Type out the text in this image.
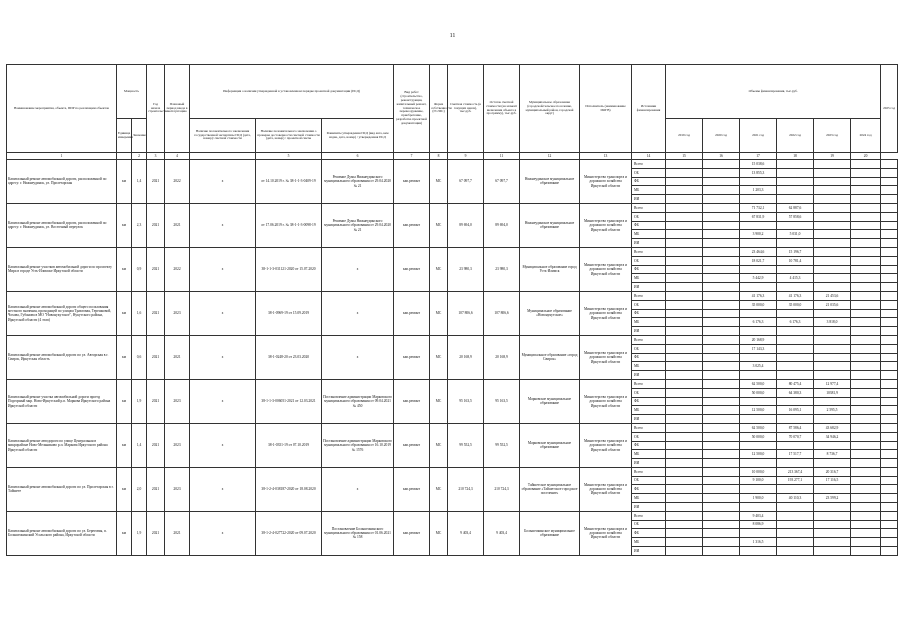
11
Наименование мероприятия, объекта, ПИР по реализации объектов	Мощность		Год начала строительства	Плановый период ввода в эксплуатацию	Информация о наличии утвержденной в установленном порядке проектной документации (ПСД)			Вид работ (строительство, реконструкция, капитальный ремонт, техническое перевооружение, приобретение, разработка проектной документации)	Форма собственности (ГС/МС)	Сметная стоимость (в текущих ценах), тыс.руб.	Остаток сметной стоимости (на момент включения объекта в программу), тыс.руб.	Муниципальное образование (городской/сельское поселение, муниципальный район, городской округ)	Исполнитель (наименование ИОГВ)	Источники финансирования	Объемы финансирования, тыс.руб.						2025 год
	Единица измерения	Значение			Наличие положительного заключения государственной экспертизы ПСД (дата, номер)/ сметной стоимости	Наличие положительного заключения о проверке достоверности сметной стоимости (дата, номер) / проектной сметы	Реквизиты утверждения ПСД (вид акта, кем издан, дата, номер) / утвержденная ПСД								2019 год	2020 год	2021 год	2022 год	2023 год	2024 год	
1		2	3	4		5	6	7	8	9	11	12	13	14	15	16	17	18	19	20	
Капитальный ремонт автомобильной дороги, расположенной по адресу: г. Нижнеудинск, ул. Пролетарская	км	1,4	2021	2022	х	от 14.10.2019 г. № 38-1-1-3-0409-19	Решение Думы Нижнеудинского муниципального образования от 29.04.2020 № 21	кап.ремонт	МС	67 097,7	67 097,7	Нижнеудинское муниципальное образование	Министерство транспорта и дорожного хозяйства Иркутской области	Всего			15 038,6				
														ОБ			13 855,3				
														ФБ							
														МБ			1 203,3				
														ИИ							
Капитальный ремонт автомобильной дороги, расположенной по адресу: г. Нижнеудинск, ул. Восточный переулок	км	2,3	2021	2021	х	от 17.06.2019 г. № 38-1-1-3-0098-19	Решение Думы Нижнеудинского муниципального образования от 29.04.2020 № 21	кап.ремонт	МС	89 694,0	89 694,0	Нижнеудинское муниципальное образование	Министерство транспорта и дорожного хозяйства Иркутской области	Всего			71 732,1	62 887,6			
														ОБ			67 831,9	57 858,6			
														ФБ							
														МБ			3 900,2	5 031,0			
														ИИ							
Капитальный ремонт участков автомобильной дороги по проспекту Мира в городе Усть-Илимске Иркутской области	км	0,9	2021	2022	х	38-1-1-3-031121-2020 от 15.07.2020	х	кап.ремонт	МС	23 980,3	23 980,3	Муниципальное образование город Усть-Илимск	Министерство транспорта и дорожного хозяйства Иркутской области	Всего			23 464,6	15 196,7			
														ОБ			18 021,7	10 781,4			
														ФБ							
														МБ			5 442,9	4 415,3			
														ИИ							
Капитальный ремонт автомобильной дороги общего пользования местного значения, проходящей по улицам Трактовая, Терешковой, Чохова, Губанова в МО "Новонукутское", Нукутского района, Иркутской области (4 этап)	км	1,6	2021	2023	х	38-1-0969-19 от 15.09.2019	х	кап.ремонт	МС	107 806,6	107 806,6	Муниципальное образование «Новонукутское»	Министерство транспорта и дорожного хозяйства Иркутской области	Всего			41 176,3	41 176,3	21 453,6		
														ОБ			35 000,0	35 000,0	21 035,6		
														ФБ							
														МБ			6 176,3	6 176,3	3 818,0		
														ИИ							
Капитальный ремонт автомобильной дороги по ул. Авторская в г. Свирск, Иркутская область	км	0,6	2021	2021	х	38-1-0248-20 от 23.03.2020	х	кап.ремонт	МС	20 168,9	20 168,9	Муниципальное образование «город Свирск»	Министерство транспорта и дорожного хозяйства Иркутской области	Всего			20 168,9				
														ОБ			17 143,3				
														ФБ							
														МБ			3 025,4				
														ИИ							
Капитальный ремонт участка автомобильной дороги проезд Подгорный мкр. Ново-Иркутский р.п. Маркова Иркутского района Иркутской области	км	1,9	2021	2023	х	38-1-1-3-006051-2021 от 12.03.2021	Постановление администрации Марковского муниципального образования от 09.04.2021 № 450	кап.ремонт	МС	95 163,5	95 163,5	Марковское муниципальное образование	Министерство транспорта и дорожного хозяйства Иркутской области	Всего			62 500,0	80 475,4	12 977,4		
														ОБ			50 000,0	64 380,3	10381,9		
														ФБ							
														МБ			12 500,0	16 095,1	2 595,5		
														ИИ							
Капитальный ремонт автодороги по улице Центральная в микрорайоне Ново-Мельниково р.п. Маркова Иркутского района Иркутской области	км	1,4	2021	2023	х	38-1-0351-19 от 07.10.2019	Постановление администрации Марковского муниципального образования от 16.10.2019 № 1576	кап.ремонт	МС	99 552,5	99 552,5	Марковское муниципальное образование	Министерство транспорта и дорожного хозяйства Иркутской области	Всего			62 500,0	87 586,4	43 682,9		
														ОБ			50 000,0	70 070,7	34 946,2		
														ФБ							
														МБ			12 500,0	17 517,7	8 736,7		
														ИИ							
Капитальный ремонт автомобильной дороги по ул. Пролетарская в г. Тайшете	км	2,0	2021	2023	х	38-1-2-4-038187-2020 от 18.08.2020	х	кап.ремонт	МС	210 724,3	210 724,3	Тайшетское муниципальное образование «Тайшетское городское поселение»	Министерство транспорта и дорожного хозяйства Иркутской области	Всего			10 000,0	213 367,4	20 316,7		
														ОБ			9 100,0	193 277,1	17 116,5		
														ФБ							
														МБ			1 900,0	40 110,3	23 599,2		
														ИИ							
Капитальный ремонт автомобильной дороги по ул. Береговая, п. Большеокинский Усольского района, Иркутской области	км	1,9	2021	2021	х	38-1-2-4-027722-2020 от 09.07.2020	Постановление Большеокинского муниципального образования от 01.06.2021 № 158	кап.ремонт	МС	9 403,4	9 403,4	Большеокинское муниципальное образование	Министерство транспорта и дорожного хозяйства Иркутской области	Всего			9 403,4				
														ОБ			8 086,9				
														ФБ							
														МБ			1 316,5				
														ИИ							
